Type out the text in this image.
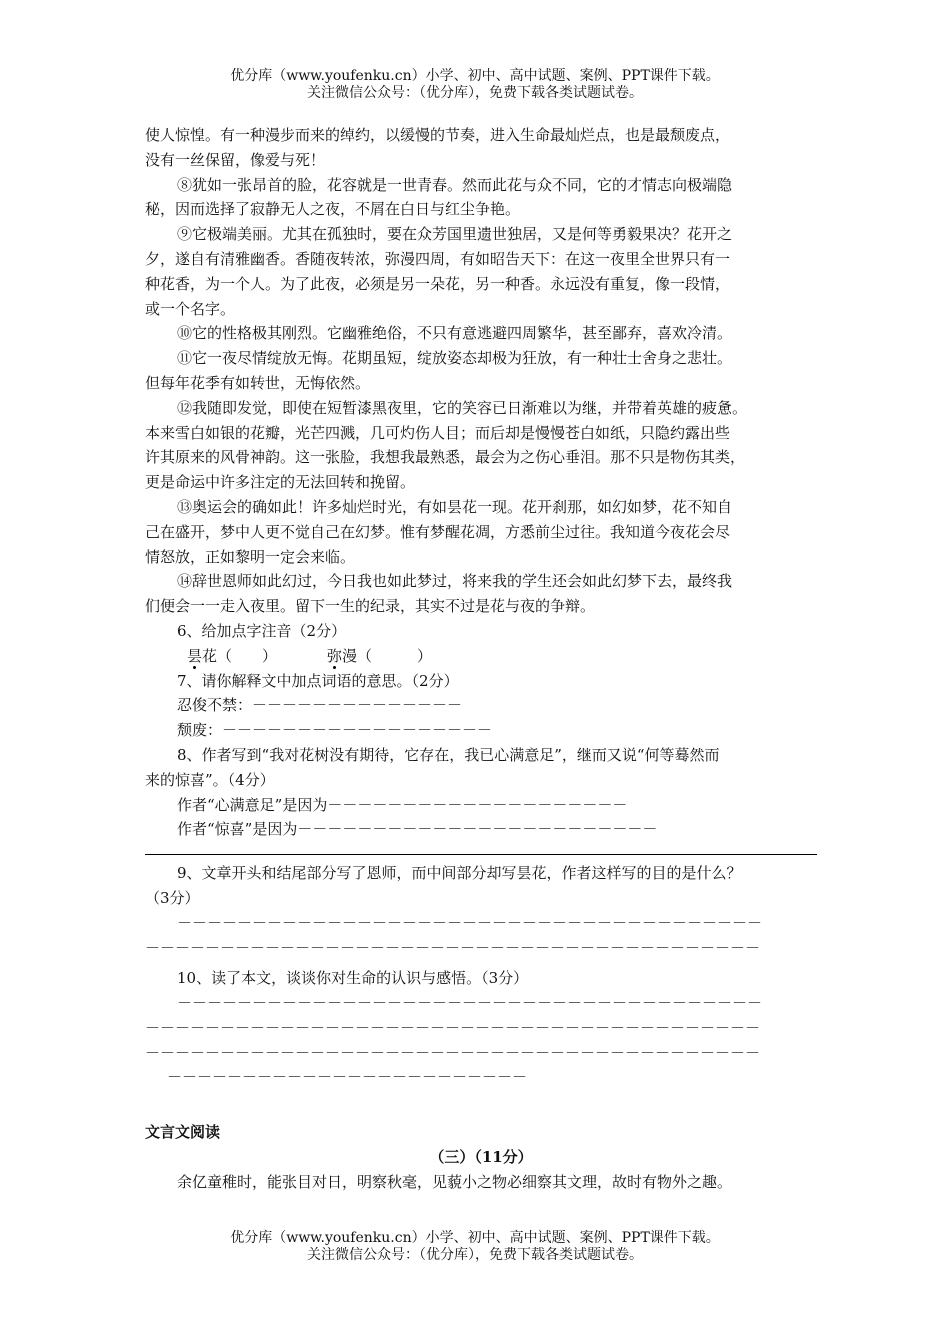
优分库（www.youfenku.cn）小学、初中、高中试题、案例、PPT课件下载。
关注微信公众号：（优分库），免费下载各类试题试卷。
使人惊惶。有一种漫步而来的绰约，以缓慢的节奏，进入生命最灿烂点，也是最颓废点，
没有一丝保留，像爱与死！
⑧犹如一张昂首的脸，花容就是一世青春。然而此花与众不同，它的才情志向极端隐
秘，因而选择了寂静无人之夜，不屑在白日与红尘争艳。
⑨它极端美丽。尤其在孤独时，要在众芳国里遗世独居，又是何等勇毅果决？花开之
夕，遂自有清雅幽香。香随夜转浓，弥漫四周，有如昭告天下：在这一夜里全世界只有一
种花香，为一个人。为了此夜，必须是另一朵花，另一种香。永远没有重复，像一段情，
或一个名字。
⑩它的性格极其刚烈。它幽雅绝俗，不只有意逃避四周繁华，甚至鄙弃，喜欢冷清。
⑪它一夜尽情绽放无悔。花期虽短，绽放姿态却极为狂放，有一种壮士舍身之悲壮。
但每年花季有如转世，无悔依然。
⑫我随即发觉，即使在短暂漆黑夜里，它的笑容已日渐难以为继，并带着英雄的疲惫。
本来雪白如银的花瓣，光芒四溅，几可灼伤人目；而后却是慢慢苍白如纸，只隐约露出些
许其原来的风骨神韵。这一张脸，我想我最熟悉，最会为之伤心垂泪。那不只是物伤其类，
更是命运中许多注定的无法回转和挽留。
⑬奥运会的确如此！许多灿烂时光，有如昙花一现。花开刹那，如幻如梦，花不知自
己在盛开，梦中人更不觉自己在幻梦。惟有梦醒花凋，方悉前尘过往。我知道今夜花会尽
情怒放，正如黎明一定会来临。
⑭辞世恩师如此幻过，今日我也如此梦过，将来我的学生还会如此幻梦下去，最终我
们便会一一走入夜里。留下一生的纪录，其实不过是花与夜的争辩。
6、给加点字注音（2分）
昙花（　　）	弥漫（　　　）
7、请你解释文中加点词语的意思。（2分）
忍俊不禁：－－－－－－－－－－－－－－
颓废：－－－－－－－－－－－－－－－－－－
8、作者写到“我对花树没有期待，它存在，我已心满意足”，继而又说“何等蓦然而
来的惊喜”。（4分）
作者“心满意足”是因为－－－－－－－－－－－－－－－－－－－－
作者“惊喜”是因为－－－－－－－－－－－－－－－－－－－－－－－－
9、文章开头和结尾部分写了恩师，而中间部分却写昙花，作者这样写的目的是什么？
（3分）
－－－－－－－－－－－－－－－－－－－－－－－－－－－－－－－－－－－－－－－
－－－－－－－－－－－－－－－－－－－－－－－－－－－－－－－－－－－－－－－－－
10、读了本文，谈谈你对生命的认识与感悟。（3分）
－－－－－－－－－－－－－－－－－－－－－－－－－－－－－－－－－－－－－－－
－－－－－－－－－－－－－－－－－－－－－－－－－－－－－－－－－－－－－－－－－
－－－－－－－－－－－－－－－－－－－－－－－－－－－－－－－－－－－－－－－－－
－－－－－－－－－－－－－－－－－－－－－－－－
文言文阅读
（三）（11分）
余亿童稚时，能张目对日，明察秋毫，见藐小之物必细察其文理，故时有物外之趣。
优分库（www.youfenku.cn）小学、初中、高中试题、案例、PPT课件下载。
关注微信公众号：（优分库），免费下载各类试题试卷。
